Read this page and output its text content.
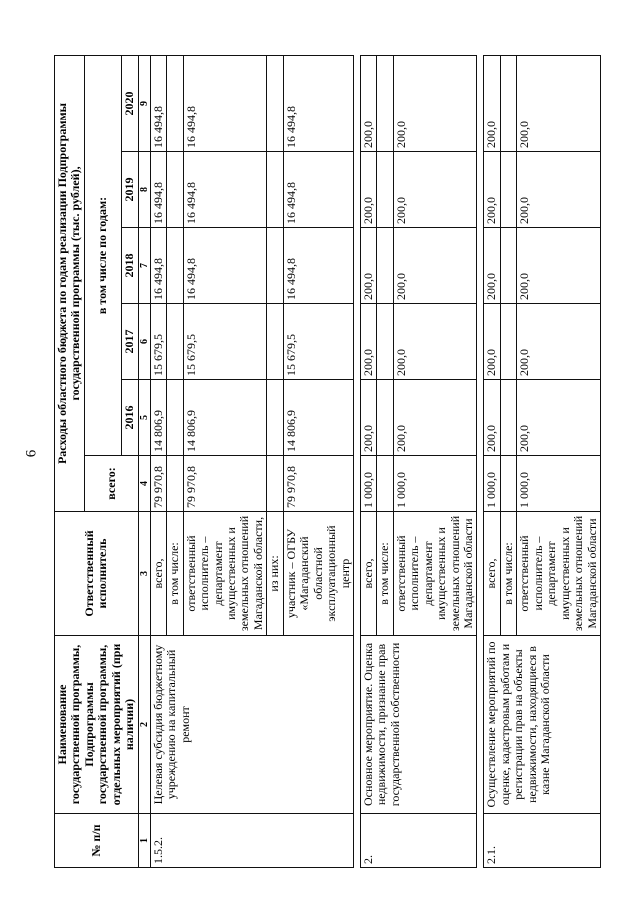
6
№ п/п	Наименование государственной программы, Подпрограммы государственной программы, отдельных мероприятий (при наличии)	Ответственный исполнитель	Расходы областного бюджета по годам реализации Подпрограммы государственной программы (тыс. рублей),					
			всего:	в том числе по годам:				
				2016	2017	2018	2019	2020
1	2	3	4	5	6	7	8	9
1.5.2.	Целевая субсидия бюджетному учреждению на капитальный ремонт	всего,	79 970,8	14 806,9	15 679,5	16 494,8	16 494,8	16 494,8
		в том числе:						
		ответственный исполнитель – департамент имущественных и земельных отношений Магаданской области,	79 970,8	14 806,9	15 679,5	16 494,8	16 494,8	16 494,8
		из них:						
		участник – ОГБУ «Магаданский областной эксплуатационный центр	79 970,8	14 806,9	15 679,5	16 494,8	16 494,8	16 494,8

2.	Основное мероприятие. Оценка недвижимости, признание прав государственной собственности	всего,	1 000,0	200,0	200,0	200,0	200,0	200,0
		в том числе:						
		ответственный исполнитель – департамент имущественных и земельных отношений Магаданской области	1 000,0	200,0	200,0	200,0	200,0	200,0

2.1.	Осуществление мероприятий по оценке, кадастровым работам и регистрации прав на объекты недвижимости, находящиеся в казне Магаданской области	всего,	1 000,0	200,0	200,0	200,0	200,0	200,0
		в том числе:						
		ответственный исполнитель – департамент имущественных и земельных отношений Магаданской области	1 000,0	200,0	200,0	200,0	200,0	200,0
